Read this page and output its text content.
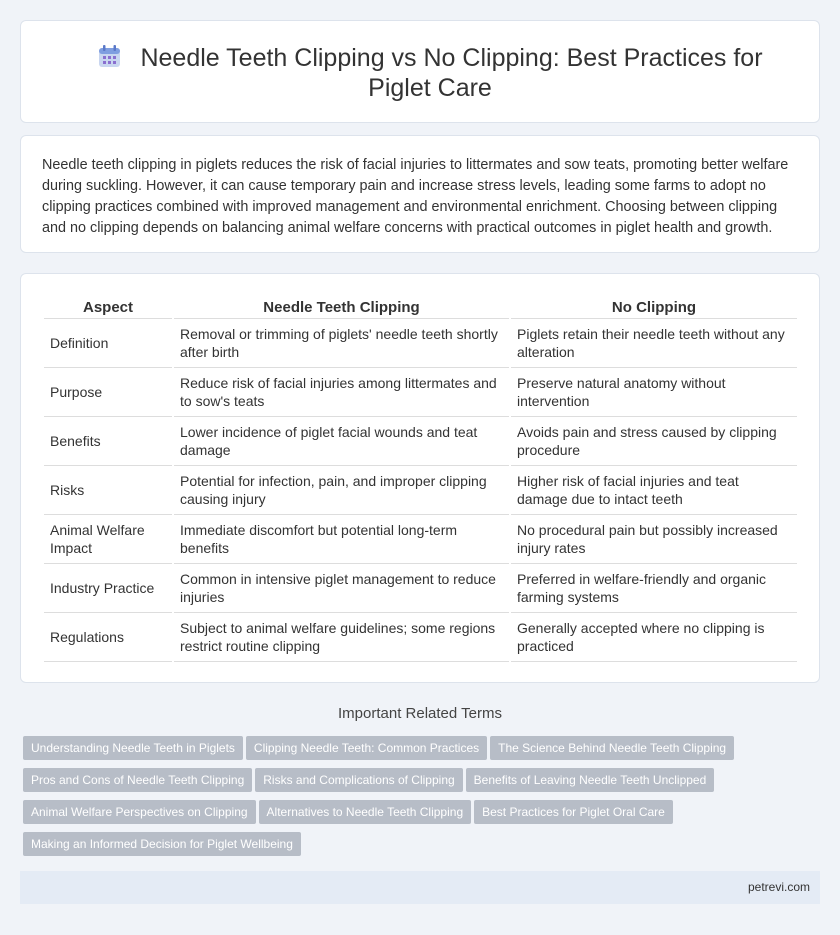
Needle Teeth Clipping vs No Clipping: Best Practices for Piglet Care

Needle teeth clipping in piglets reduces the risk of facial injuries to littermates and sow teats, promoting better welfare during suckling. However, it can cause temporary pain and increase stress levels, leading some farms to adopt no clipping practices combined with improved management and environmental enrichment. Choosing between clipping and no clipping depends on balancing animal welfare concerns with practical outcomes in piglet health and growth.

Aspect	Needle Teeth Clipping	No Clipping
Definition	Removal or trimming of piglets' needle teeth shortly after birth	Piglets retain their needle teeth without any alteration
Purpose	Reduce risk of facial injuries among littermates and to sow's teats	Preserve natural anatomy without intervention
Benefits	Lower incidence of piglet facial wounds and teat damage	Avoids pain and stress caused by clipping procedure
Risks	Potential for infection, pain, and improper clipping causing injury	Higher risk of facial injuries and teat damage due to intact teeth
Animal Welfare Impact	Immediate discomfort but potential long-term benefits	No procedural pain but possibly increased injury rates
Industry Practice	Common in intensive piglet management to reduce injuries	Preferred in welfare-friendly and organic farming systems
Regulations	Subject to animal welfare guidelines; some regions restrict routine clipping	Generally accepted where no clipping is practiced
Important Related Terms
Understanding Needle Teeth in Piglets Clipping Needle Teeth: Common Practices The Science Behind Needle Teeth ClippingPros and Cons of Needle Teeth Clipping Risks and Complications of Clipping Benefits of Leaving Needle Teeth UnclippedAnimal Welfare Perspectives on Clipping Alternatives to Needle Teeth Clipping Best Practices for Piglet Oral CareMaking an Informed Decision for Piglet Wellbeing
petrevi.com
